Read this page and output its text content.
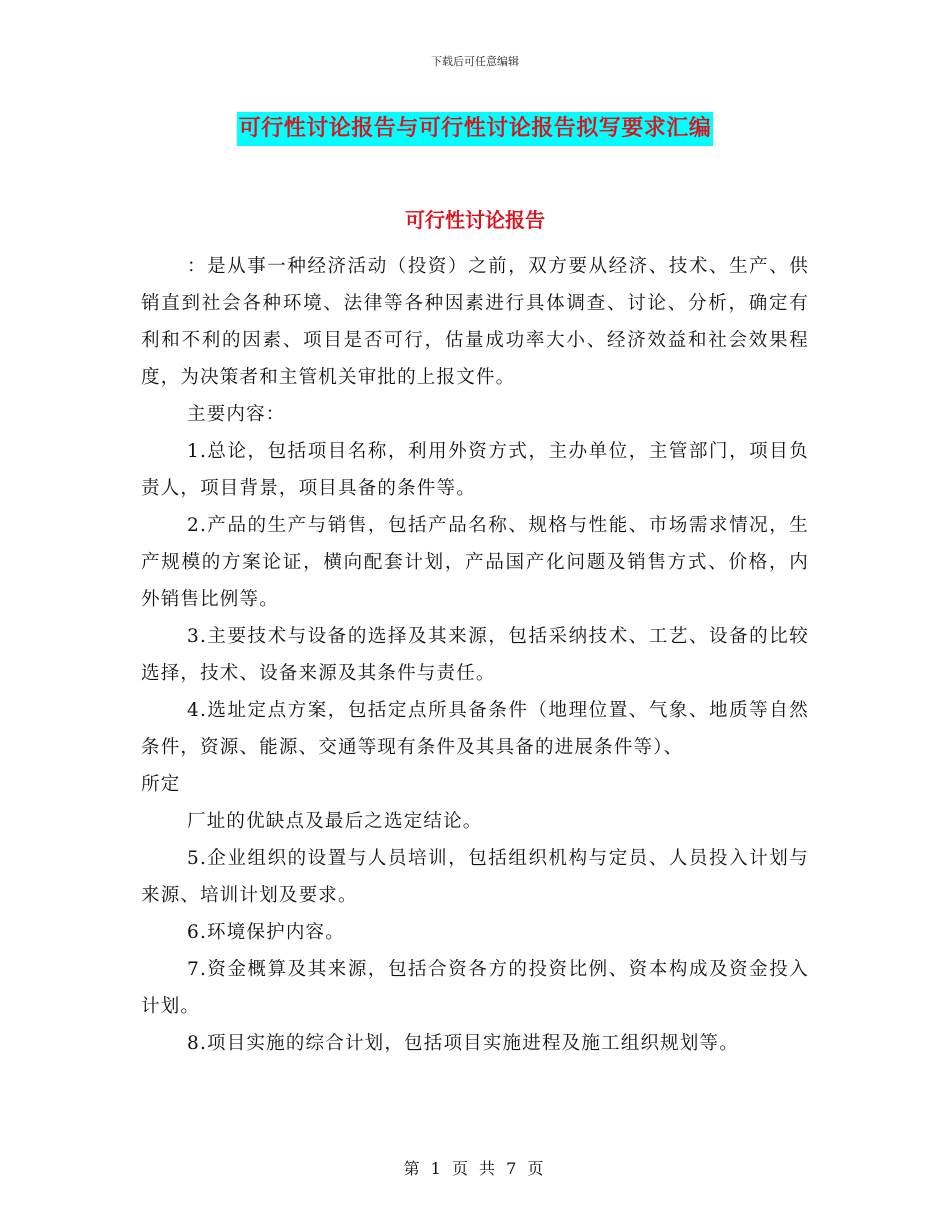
下载后可任意编辑
可行性讨论报告与可行性讨论报告拟写要求汇编
可行性讨论报告

：是从事一种经济活动（投资）之前，双方要从经济、技术、生产、供销直到社会各种环境、法律等各种因素进行具体调查、讨论、分析，确定有利和不利的因素、项目是否可行，估量成功率大小、经济效益和社会效果程度，为决策者和主管机关审批的上报文件。

主要内容：

1.总论，包括项目名称，利用外资方式，主办单位，主管部门，项目负责人，项目背景，项目具备的条件等。

2.产品的生产与销售，包括产品名称、规格与性能、市场需求情况，生产规模的方案论证，横向配套计划，产品国产化问题及销售方式、价格，内外销售比例等。

3.主要技术与设备的选择及其来源，包括采纳技术、工艺、设备的比较选择，技术、设备来源及其条件与责任。

4.选址定点方案，包括定点所具备条件（地理位置、气象、地质等自然条件，资源、能源、交通等现有条件及其具备的进展条件等）、

所定

厂址的优缺点及最后之选定结论。

5.企业组织的设置与人员培训，包括组织机构与定员、人员投入计划与来源、培训计划及要求。

6.环境保护内容。

7.资金概算及其来源，包括合资各方的投资比例、资本构成及资金投入计划。

8.项目实施的综合计划，包括项目实施进程及施工组织规划等。

第 1 页 共 7 页
